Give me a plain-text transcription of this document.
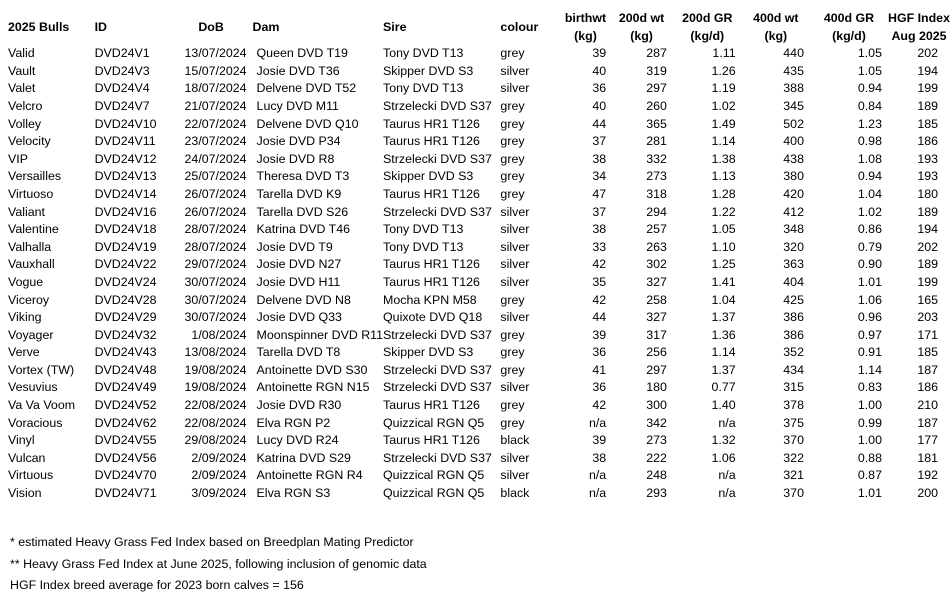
2025 Bulls	ID	DoB	Dam	Sire	colour	birthwt	200d wt	200d GR	400d wt	400d GR	HGF Index
						(kg)	(kg)	(kg/d)	(kg)	(kg/d)	Aug 2025
Valid	DVD24V1	13/07/2024	Queen DVD T19	Tony DVD T13	grey	39	287	1.11	440	1.05	202
Vault	DVD24V3	15/07/2024	Josie DVD T36	Skipper DVD S3	silver	40	319	1.26	435	1.05	194
Valet	DVD24V4	18/07/2024	Delvene DVD T52	Tony DVD T13	silver	36	297	1.19	388	0.94	199
Velcro	DVD24V7	21/07/2024	Lucy DVD M11	Strzelecki DVD S37	grey	40	260	1.02	345	0.84	189
Volley	DVD24V10	22/07/2024	Delvene DVD Q10	Taurus HR1 T126	grey	44	365	1.49	502	1.23	185
Velocity	DVD24V11	23/07/2024	Josie DVD P34	Taurus HR1 T126	grey	37	281	1.14	400	0.98	186
VIP	DVD24V12	24/07/2024	Josie DVD R8	Strzelecki DVD S37	grey	38	332	1.38	438	1.08	193
Versailles	DVD24V13	25/07/2024	Theresa DVD T3	Skipper DVD S3	grey	34	273	1.13	380	0.94	193
Virtuoso	DVD24V14	26/07/2024	Tarella DVD K9	Taurus HR1 T126	grey	47	318	1.28	420	1.04	180
Valiant	DVD24V16	26/07/2024	Tarella DVD S26	Strzelecki DVD S37	silver	37	294	1.22	412	1.02	189
Valentine	DVD24V18	28/07/2024	Katrina DVD T46	Tony DVD T13	silver	38	257	1.05	348	0.86	194
Valhalla	DVD24V19	28/07/2024	Josie DVD T9	Tony DVD T13	silver	33	263	1.10	320	0.79	202
Vauxhall	DVD24V22	29/07/2024	Josie DVD N27	Taurus HR1 T126	silver	42	302	1.25	363	0.90	189
Vogue	DVD24V24	30/07/2024	Josie DVD H11	Taurus HR1 T126	silver	35	327	1.41	404	1.01	199
Viceroy	DVD24V28	30/07/2024	Delvene DVD N8	Mocha KPN M58	grey	42	258	1.04	425	1.06	165
Viking	DVD24V29	30/07/2024	Josie DVD Q33	Quixote DVD Q18	silver	44	327	1.37	386	0.96	203
Voyager	DVD24V32	1/08/2024	Moonspinner DVD R11	Strzelecki DVD S37	grey	39	317	1.36	386	0.97	171
Verve	DVD24V43	13/08/2024	Tarella DVD T8	Skipper DVD S3	grey	36	256	1.14	352	0.91	185
Vortex (TW)	DVD24V48	19/08/2024	Antoinette DVD S30	Strzelecki DVD S37	grey	41	297	1.37	434	1.14	187
Vesuvius	DVD24V49	19/08/2024	Antoinette RGN N15	Strzelecki DVD S37	silver	36	180	0.77	315	0.83	186
Va Va Voom	DVD24V52	22/08/2024	Josie DVD R30	Taurus HR1 T126	grey	42	300	1.40	378	1.00	210
Voracious	DVD24V62	22/08/2024	Elva RGN P2	Quizzical RGN Q5	grey	n/a	342	n/a	375	0.99	187
Vinyl	DVD24V55	29/08/2024	Lucy DVD R24	Taurus HR1 T126	black	39	273	1.32	370	1.00	177
Vulcan	DVD24V56	2/09/2024	Katrina DVD S29	Strzelecki DVD S37	silver	38	222	1.06	322	0.88	181
Virtuous	DVD24V70	2/09/2024	Antoinette RGN R4	Quizzical RGN Q5	silver	n/a	248	n/a	321	0.87	192
Vision	DVD24V71	3/09/2024	Elva RGN S3	Quizzical RGN Q5	black	n/a	293	n/a	370	1.01	200
* estimated Heavy Grass Fed Index based on Breedplan Mating Predictor
** Heavy Grass Fed Index at June 2025, following inclusion of genomic data
HGF Index breed average for 2023 born calves = 156
